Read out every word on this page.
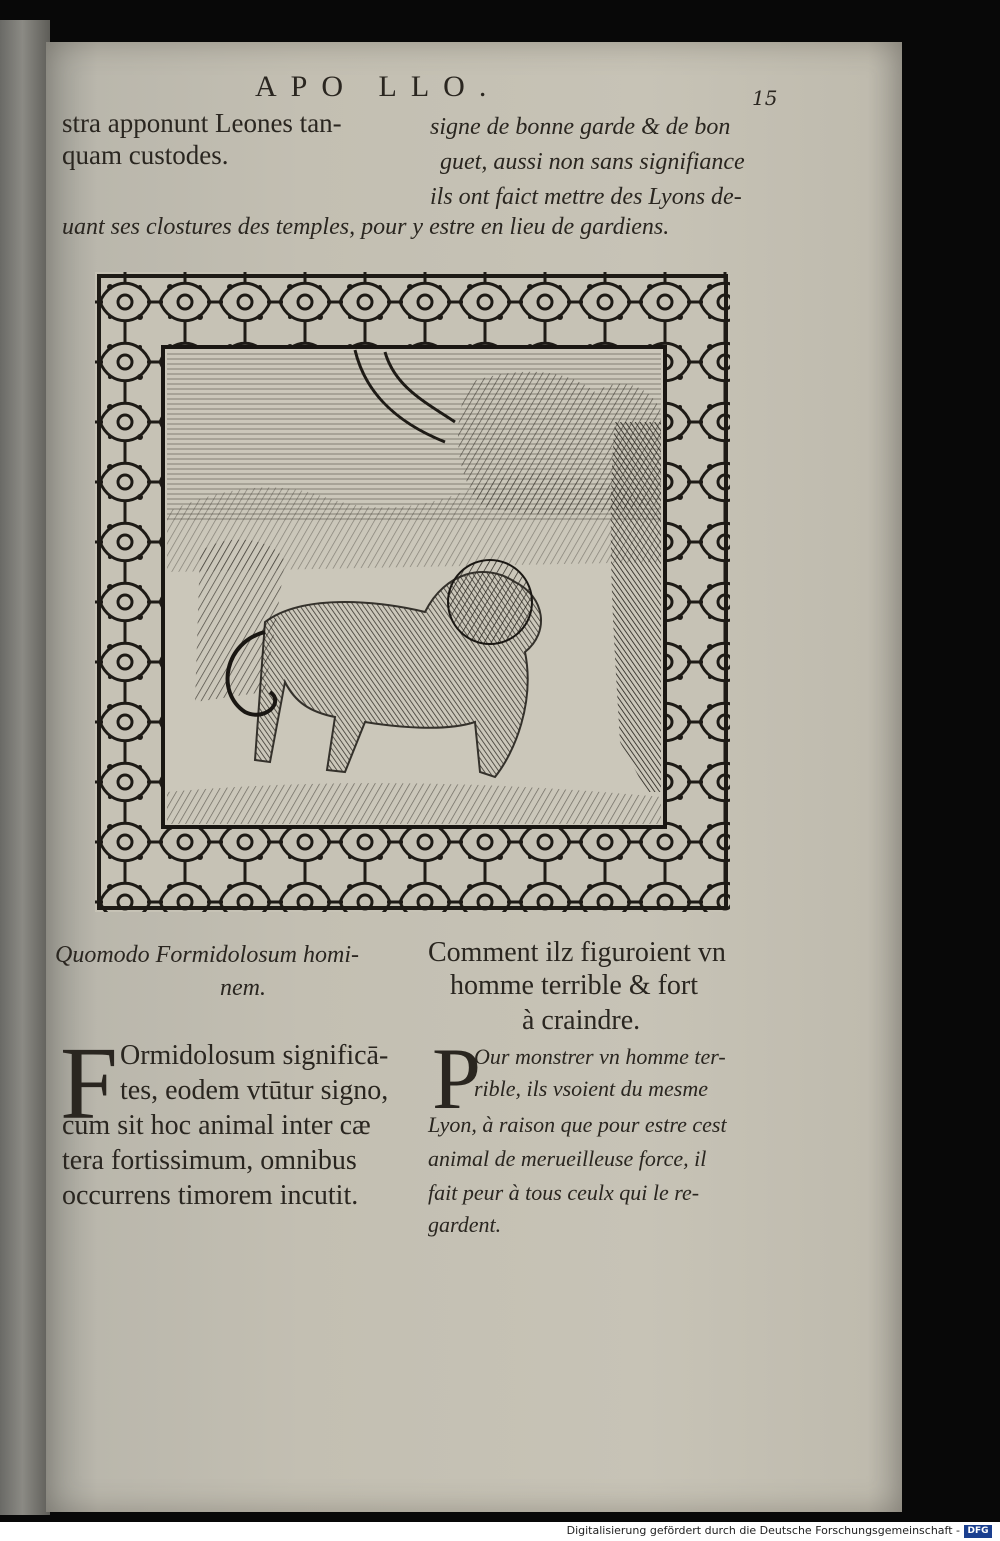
APO LLO.	15
stra apponunt Leones tan-
quam custodes.
signe de bonne garde & de bon
guet, aussi non sans signifiance
ils ont faict mettre des Lyons de-
uant ses clostures des temples, pour y estre en lieu de gardiens.
Quomodo Formidolosum homi-
nem.
Comment ilz figuroient vn
homme terrible & fort
à craindre.
F Ormidolosum significā-
tes, eodem vtūtur signo,
cum sit hoc animal inter cæ
tera fortissimum, omnibus
occurrens timorem incutit.
P
Our monstrer vn homme ter-
rible, ils vsoient du mesme
Lyon, à raison que pour estre cest
animal de merueilleuse force, il
fait peur à tous ceulx qui le re-
gardent.
Digitalisierung gefördert durch die Deutsche Forschungsgemeinschaft - DFG
